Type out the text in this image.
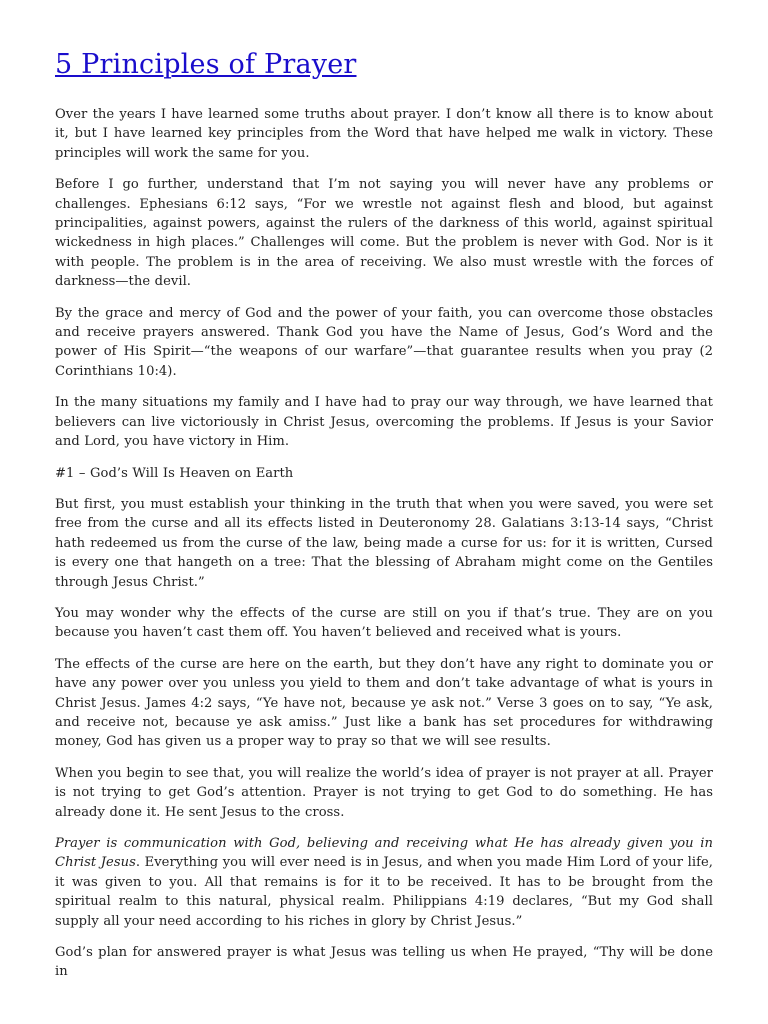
5 Principles of Prayer

Over the years I have learned some truths about prayer. I don’t know all there is to know about it, but I have learned key principles from the Word that have helped me walk in victory. These principles will work the same for you.

Before I go further, understand that I’m not saying you will never have any problems or challenges. Ephesians 6:12 says, “For we wrestle not against flesh and blood, but against principalities, against powers, against the rulers of the darkness of this world, against spiritual wickedness in high places.” Challenges will come. But the problem is never with God. Nor is it with people. The problem is in the area of receiving. We also must wrestle with the forces of darkness—the devil.

By the grace and mercy of God and the power of your faith, you can overcome those obstacles and receive prayers answered. Thank God you have the Name of Jesus, God’s Word and the power of His Spirit—“the weapons of our warfare”—that guarantee results when you pray (2 Corinthians 10:4).

In the many situations my family and I have had to pray our way through, we have learned that believers can live victoriously in Christ Jesus, overcoming the problems. If Jesus is your Savior and Lord, you have victory in Him.

#1 – God’s Will Is Heaven on Earth

But first, you must establish your thinking in the truth that when you were saved, you were set free from the curse and all its effects listed in Deuteronomy 28. Galatians 3:13-14 says, “Christ hath redeemed us from the curse of the law, being made a curse for us: for it is written, Cursed is every one that hangeth on a tree: That the blessing of Abraham might come on the Gentiles through Jesus Christ.”

You may wonder why the effects of the curse are still on you if that’s true. They are on you because you haven’t cast them off. You haven’t believed and received what is yours.

The effects of the curse are here on the earth, but they don’t have any right to dominate you or have any power over you unless you yield to them and don’t take advantage of what is yours in Christ Jesus. James 4:2 says, “Ye have not, because ye ask not.” Verse 3 goes on to say, “Ye ask, and receive not, because ye ask amiss.” Just like a bank has set procedures for withdrawing money, God has given us a proper way to pray so that we will see results.

When you begin to see that, you will realize the world’s idea of prayer is not prayer at all. Prayer is not trying to get God’s attention. Prayer is not trying to get God to do something. He has already done it. He sent Jesus to the cross.

Prayer is communication with God, believing and receiving what He has already given you in Christ Jesus. Everything you will ever need is in Jesus, and when you made Him Lord of your life, it was given to you. All that remains is for it to be received. It has to be brought from the spiritual realm to this natural, physical realm. Philippians 4:19 declares, “But my God shall supply all your need according to his riches in glory by Christ Jesus.”

God’s plan for answered prayer is what Jesus was telling us when He prayed, “Thy will be done in
